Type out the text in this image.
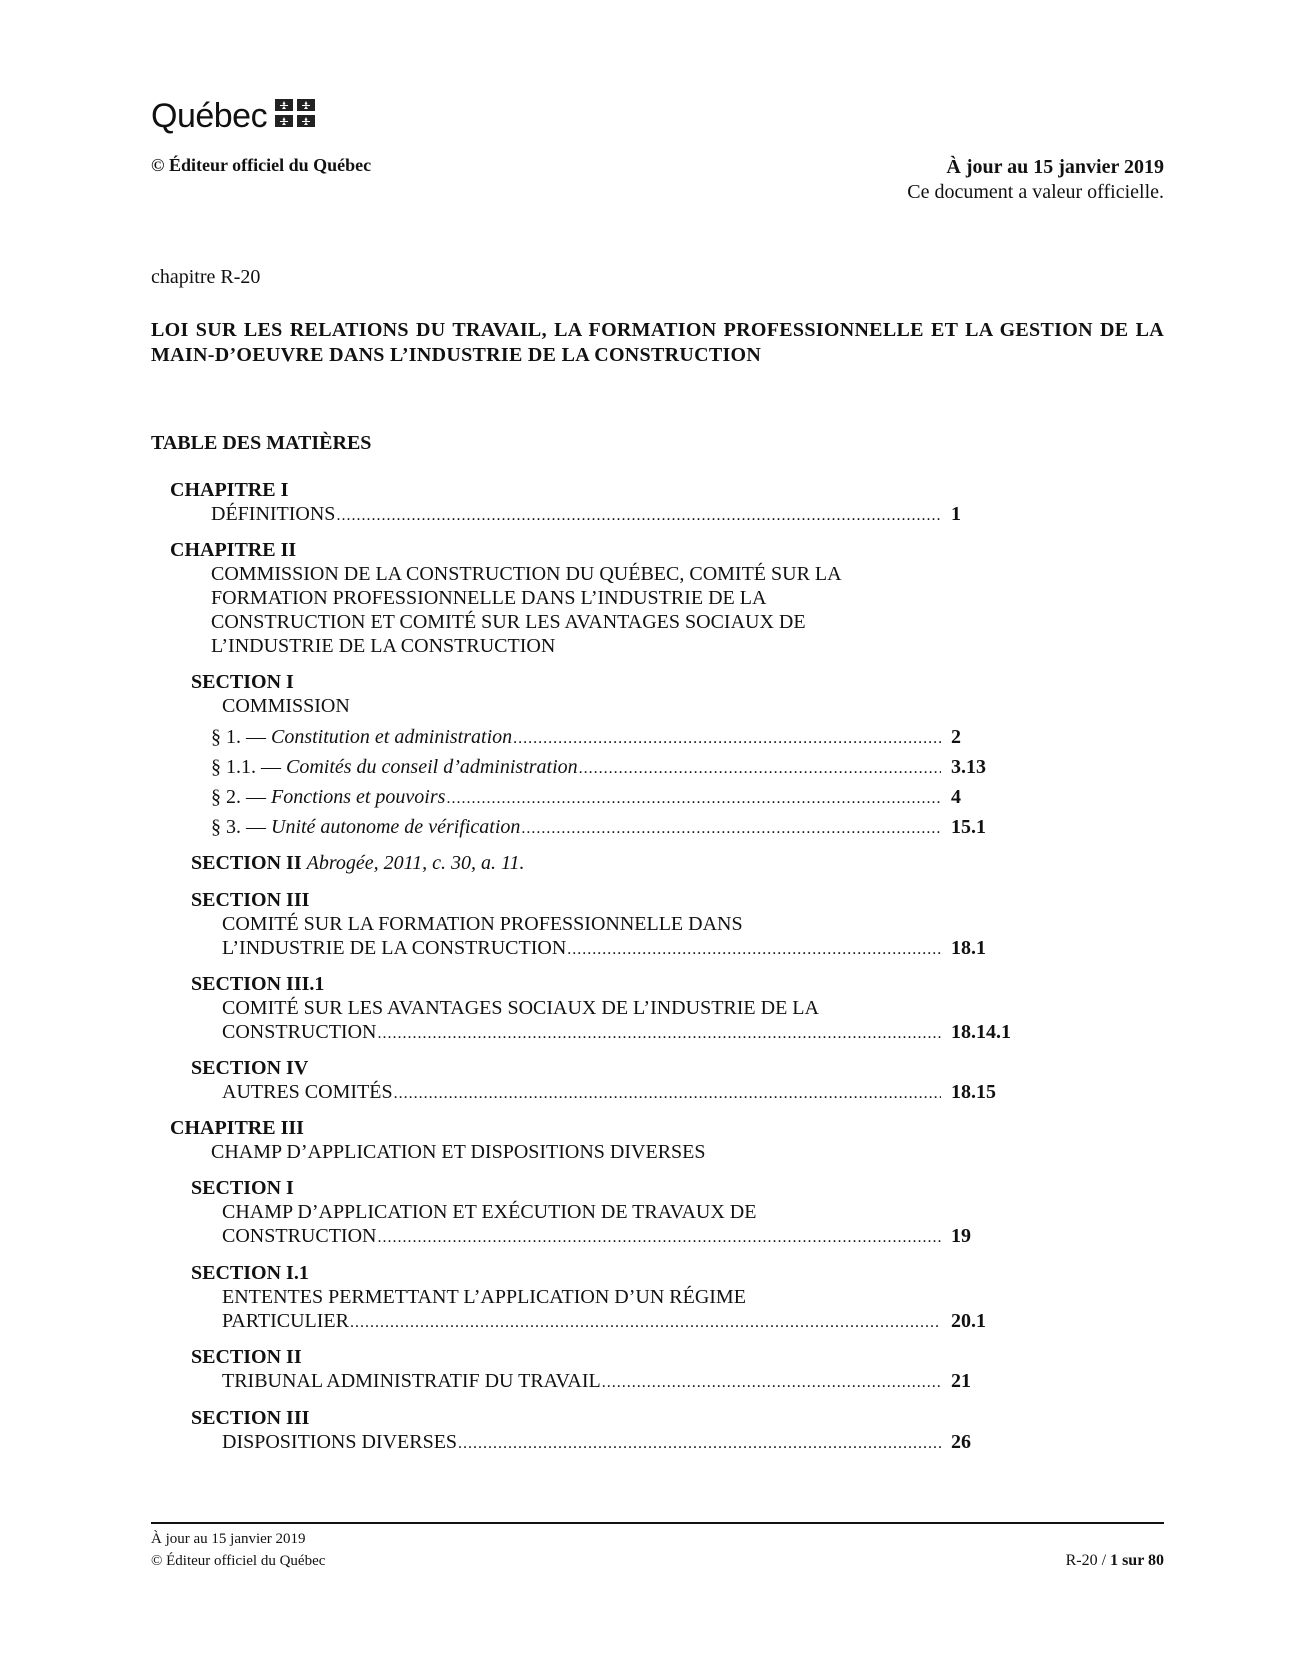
Québec
© Éditeur officiel du Québec	À jour au 15 janvier 2019
Ce document a valeur officielle.
chapitre R-20
LOI SUR LES RELATIONS DU TRAVAIL, LA FORMATION PROFESSIONNELLE ET LA GESTION DE LA MAIN-D’OEUVRE DANS L’INDUSTRIE DE LA CONSTRUCTION
TABLE DES MATIÈRES
CHAPITRE I
DÉFINITIONS .....	1
CHAPITRE II
COMMISSION DE LA CONSTRUCTION DU QUÉBEC, COMITÉ SUR LA
FORMATION PROFESSIONNELLE DANS L’INDUSTRIE DE LA
CONSTRUCTION ET COMITÉ SUR LES AVANTAGES SOCIAUX DE
L’INDUSTRIE DE LA CONSTRUCTION
SECTION I
COMMISSION
§ 1. — Constitution et administration .....	2
§ 1.1. — Comités du conseil d’administration .....	3.13
§ 2. — Fonctions et pouvoirs .....	4
§ 3. — Unité autonome de vérification .....	15.1
SECTION II Abrogée, 2011, c. 30, a. 11.
SECTION III
COMITÉ SUR LA FORMATION PROFESSIONNELLE DANS
L’INDUSTRIE DE LA CONSTRUCTION .....	18.1
SECTION III.1
COMITÉ SUR LES AVANTAGES SOCIAUX DE L’INDUSTRIE DE LA
CONSTRUCTION .....	18.14.1
SECTION IV
AUTRES COMITÉS .....	18.15
CHAPITRE III
CHAMP D’APPLICATION ET DISPOSITIONS DIVERSES
SECTION I
CHAMP D’APPLICATION ET EXÉCUTION DE TRAVAUX DE
CONSTRUCTION .....	19
SECTION I.1
ENTENTES PERMETTANT L’APPLICATION D’UN RÉGIME
PARTICULIER .....	20.1
SECTION II
TRIBUNAL ADMINISTRATIF DU TRAVAIL .....	21
SECTION III
DISPOSITIONS DIVERSES .....	26
À jour au 15 janvier 2019
© Éditeur officiel du Québec	R-20 / 1 sur 80
